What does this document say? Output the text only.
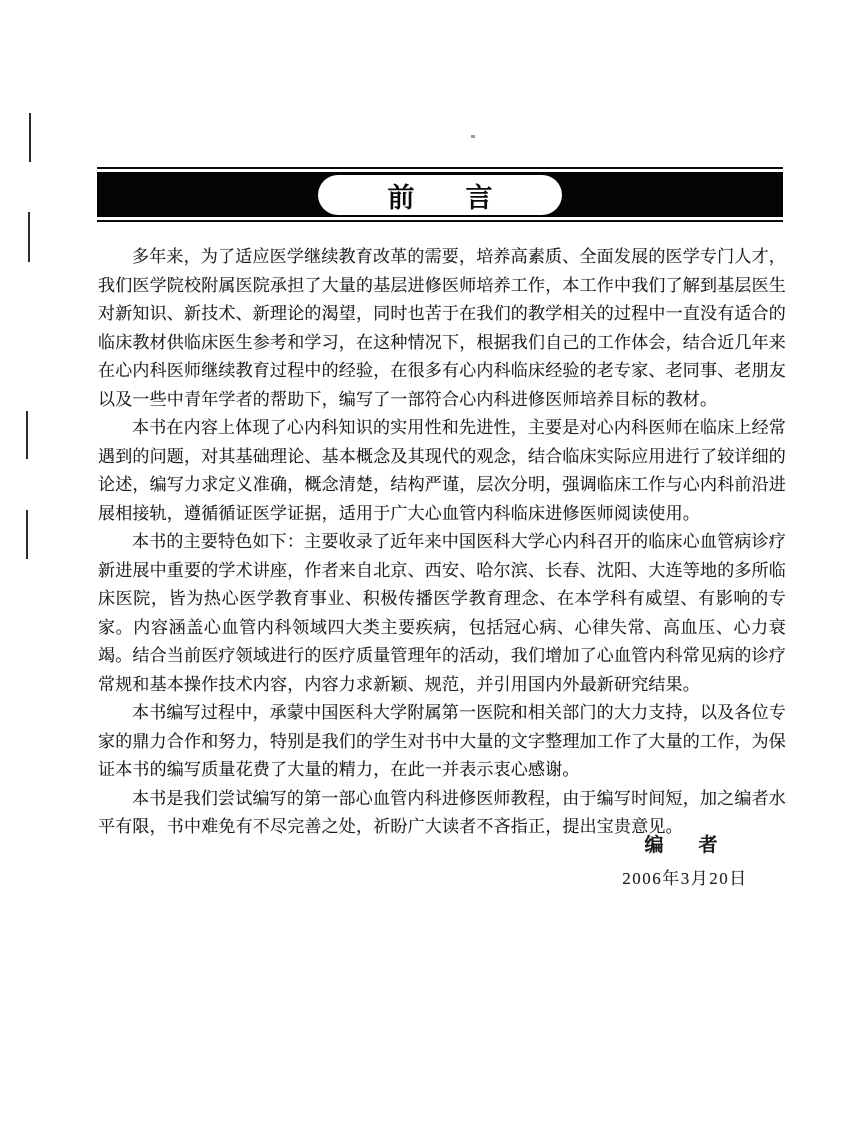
前　言

多年来，为了适应医学继续教育改革的需要，培养高素质、全面发展的医学专门人才，我们医学院校附属医院承担了大量的基层进修医师培养工作，本工作中我们了解到基层医生对新知识、新技术、新理论的渴望，同时也苦于在我们的教学相关的过程中一直没有适合的临床教材供临床医生参考和学习，在这种情况下，根据我们自己的工作体会，结合近几年来在心内科医师继续教育过程中的经验，在很多有心内科临床经验的老专家、老同事、老朋友以及一些中青年学者的帮助下，编写了一部符合心内科进修医师培养目标的教材。

本书在内容上体现了心内科知识的实用性和先进性，主要是对心内科医师在临床上经常遇到的问题，对其基础理论、基本概念及其现代的观念，结合临床实际应用进行了较详细的论述，编写力求定义准确，概念清楚，结构严谨，层次分明，强调临床工作与心内科前沿进展相接轨，遵循循证医学证据，适用于广大心血管内科临床进修医师阅读使用。

本书的主要特色如下：主要收录了近年来中国医科大学心内科召开的临床心血管病诊疗新进展中重要的学术讲座，作者来自北京、西安、哈尔滨、长春、沈阳、大连等地的多所临床医院，皆为热心医学教育事业、积极传播医学教育理念、在本学科有威望、有影响的专家。内容涵盖心血管内科领域四大类主要疾病，包括冠心病、心律失常、高血压、心力衰竭。结合当前医疗领域进行的医疗质量管理年的活动，我们增加了心血管内科常见病的诊疗常规和基本操作技术内容，内容力求新颖、规范，并引用国内外最新研究结果。

本书编写过程中，承蒙中国医科大学附属第一医院和相关部门的大力支持，以及各位专家的鼎力合作和努力，特别是我们的学生对书中大量的文字整理加工作了大量的工作，为保证本书的编写质量花费了大量的精力，在此一并表示衷心感谢。

本书是我们尝试编写的第一部心血管内科进修医师教程，由于编写时间短，加之编者水平有限，书中难免有不尽完善之处，祈盼广大读者不吝指正，提出宝贵意见。

编　者
2006年3月20日
